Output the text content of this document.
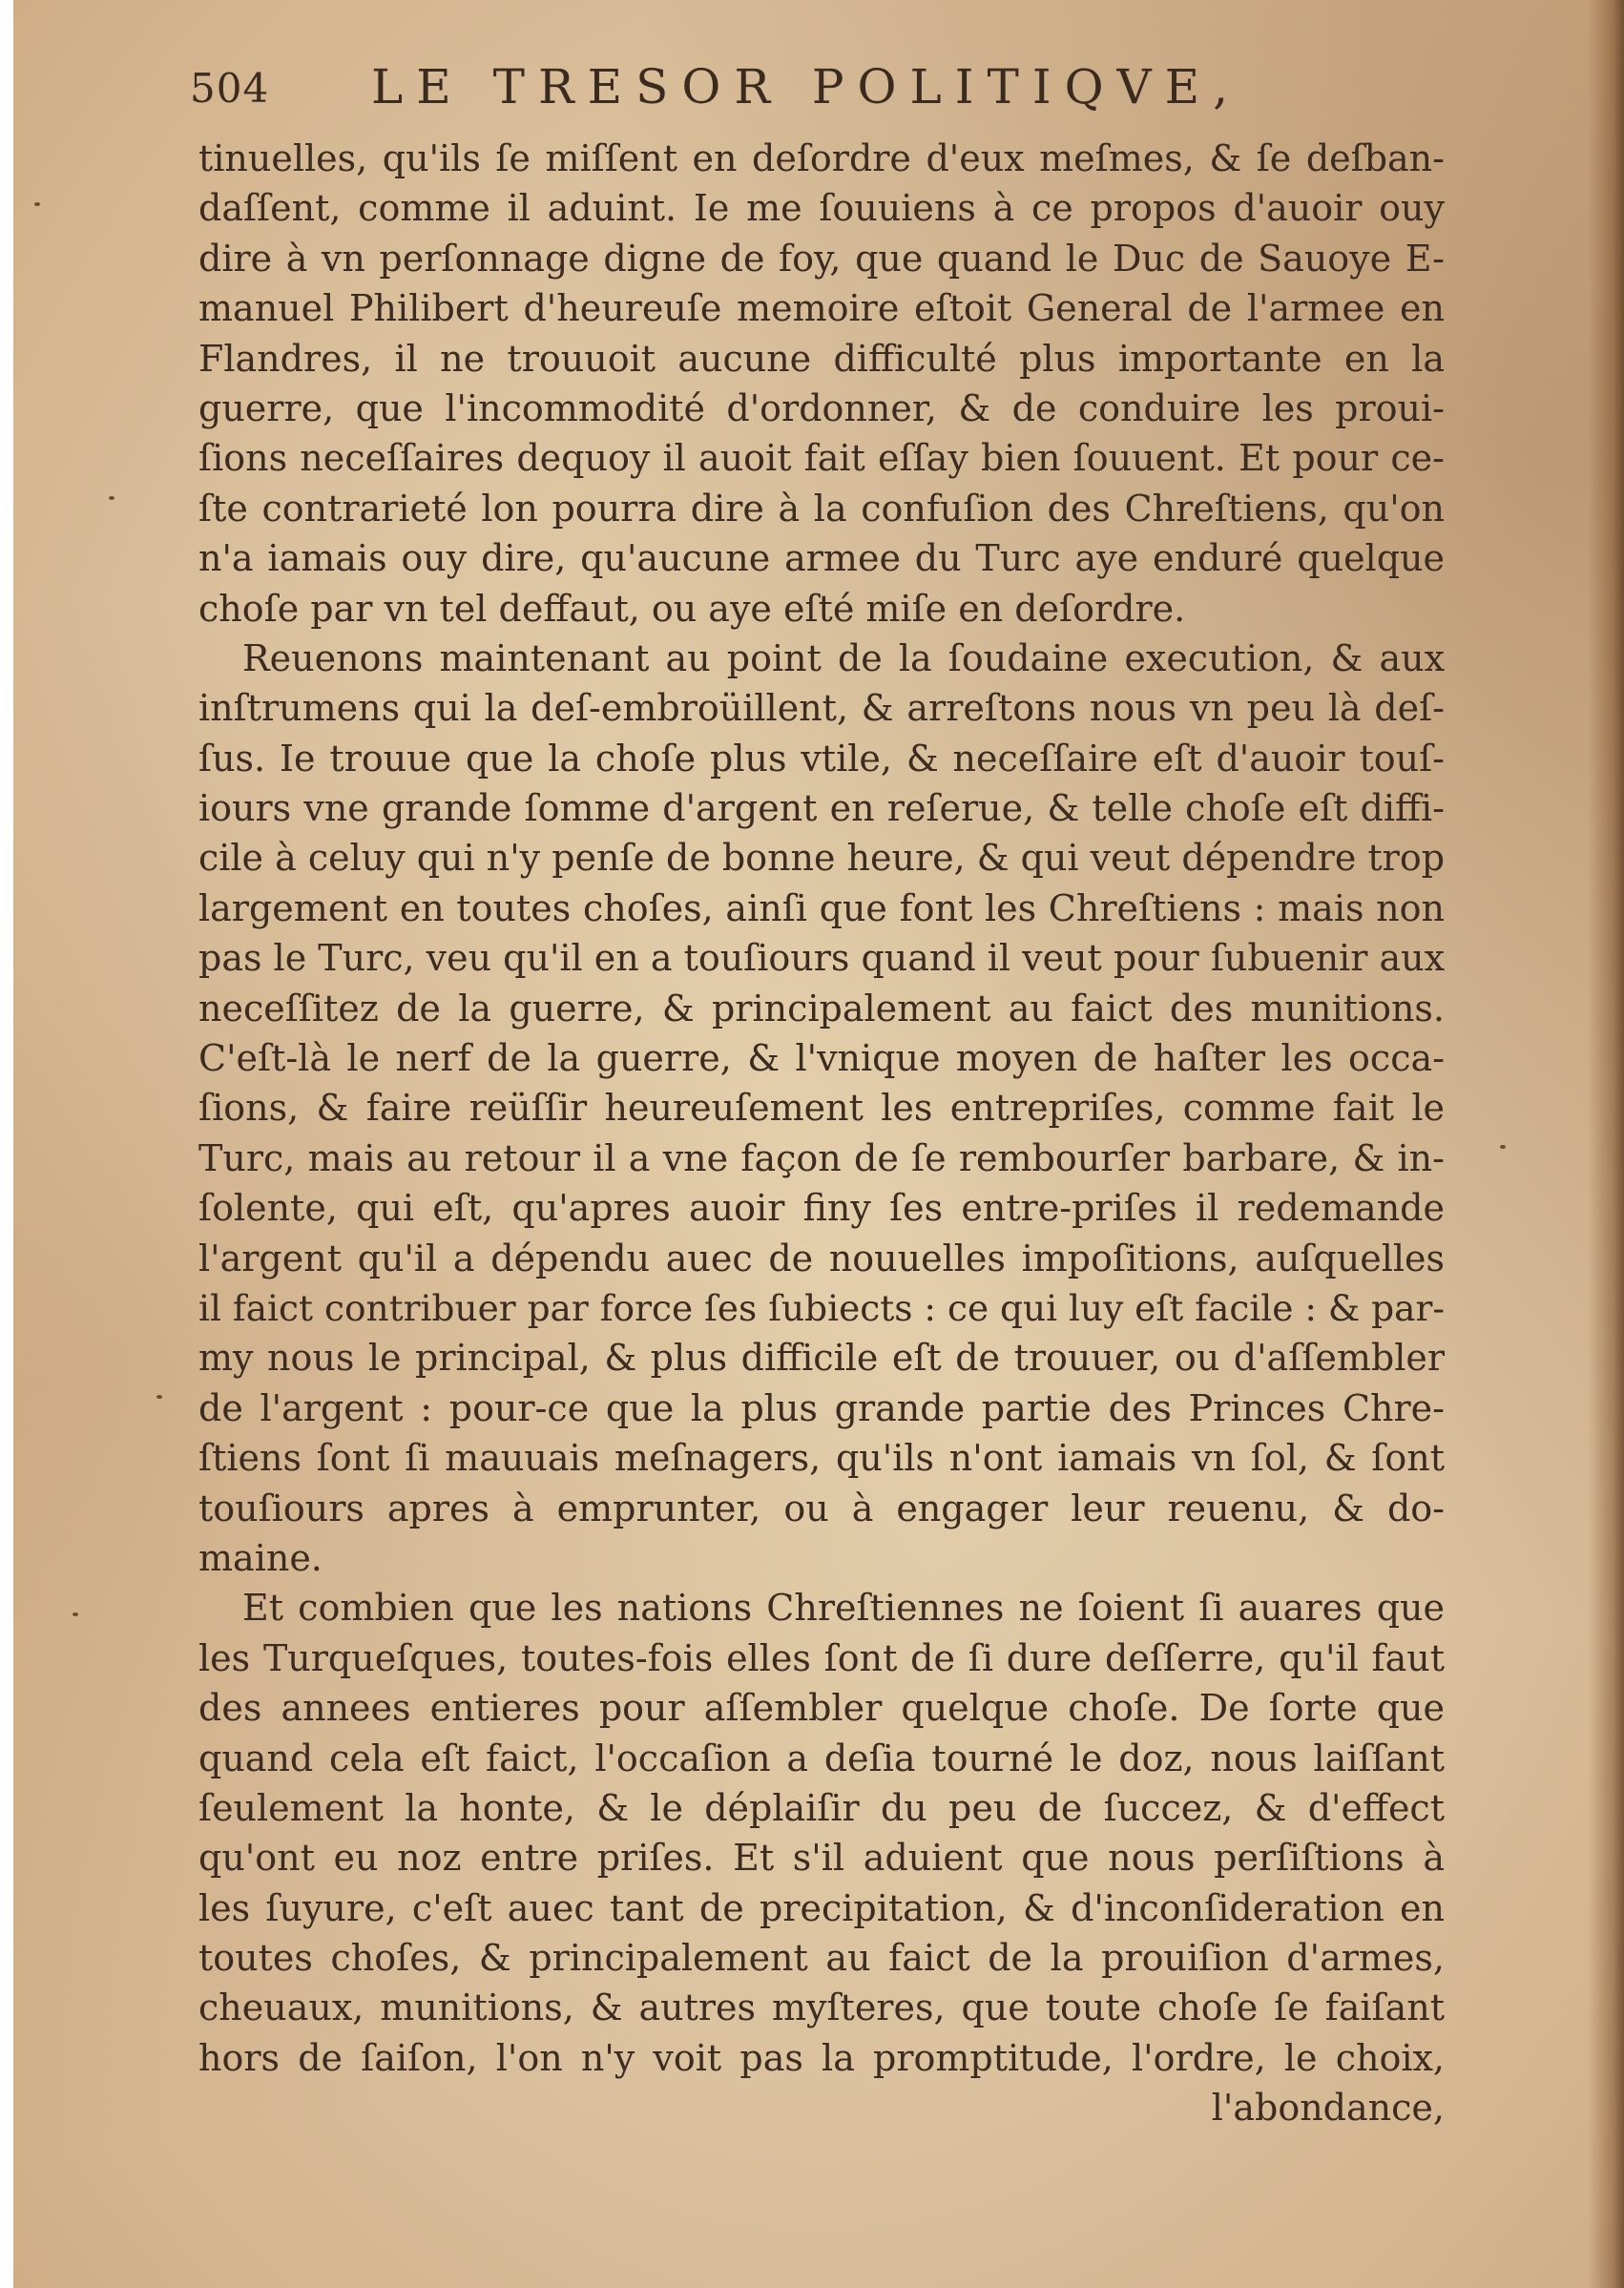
504 LE TRESOR POLITIQVE,
tinuelles, qu'ils ſe miſſent en deſordre d'eux meſmes, & ſe deſban-
daſſent, comme il aduint. Ie me ſouuiens à ce propos d'auoir ouy
dire à vn perſonnage digne de foy, que quand le Duc de Sauoye E-
manuel Philibert d'heureuſe memoire eſtoit General de l'armee en
Flandres, il ne trouuoit aucune difficulté plus importante en la
guerre, que l'incommodité d'ordonner, & de conduire les proui-
ſions neceſſaires dequoy il auoit fait eſſay bien ſouuent. Et pour ce-
ſte contrarieté lon pourra dire à la confuſion des Chreſtiens, qu'on
n'a iamais ouy dire, qu'aucune armee du Turc aye enduré quelque
choſe par vn tel deffaut, ou aye eſté miſe en deſordre.
Reuenons maintenant au point de la ſoudaine execution, & aux
inſtrumens qui la deſ-embroüillent, & arreſtons nous vn peu là deſ-
ſus. Ie trouue que la choſe plus vtile, & neceſſaire eſt d'auoir touſ-
iours vne grande ſomme d'argent en reſerue, & telle choſe eſt diffi-
cile à celuy qui n'y penſe de bonne heure, & qui veut dépendre trop
largement en toutes choſes, ainſi que font les Chreſtiens : mais non
pas le Turc, veu qu'il en a touſiours quand il veut pour ſubuenir aux
neceſſitez de la guerre, & principalement au faict des munitions.
C'eſt-là le nerf de la guerre, & l'vnique moyen de haſter les occa-
ſions, & faire reüſſir heureuſement les entrepriſes, comme fait le
Turc, mais au retour il a vne façon de ſe rembourſer barbare, & in-
ſolente, qui eſt, qu'apres auoir finy ſes entre-priſes il redemande
l'argent qu'il a dépendu auec de nouuelles impoſitions, auſquelles
il faict contribuer par force ſes ſubiects : ce qui luy eſt facile : & par-
my nous le principal, & plus difficile eſt de trouuer, ou d'aſſembler
de l'argent : pour-ce que la plus grande partie des Princes Chre-
ſtiens ſont ſi mauuais meſnagers, qu'ils n'ont iamais vn ſol, & ſont
touſiours apres à emprunter, ou à engager leur reuenu, & do-
maine.
Et combien que les nations Chreſtiennes ne ſoient ſi auares que
les Turqueſques, toutes-fois elles ſont de ſi dure deſſerre, qu'il faut
des annees entieres pour aſſembler quelque choſe. De ſorte que
quand cela eſt faict, l'occaſion a deſia tourné le doz, nous laiſſant
ſeulement la honte, & le déplaiſir du peu de ſuccez, & d'effect
qu'ont eu noz entre priſes. Et s'il aduient que nous perſiſtions à
les ſuyure, c'eſt auec tant de precipitation, & d'inconſideration en
toutes choſes, & principalement au faict de la prouiſion d'armes,
cheuaux, munitions, & autres myſteres, que toute choſe ſe faiſant
hors de ſaiſon, l'on n'y voit pas la promptitude, l'ordre, le choix,
l'abondance,
